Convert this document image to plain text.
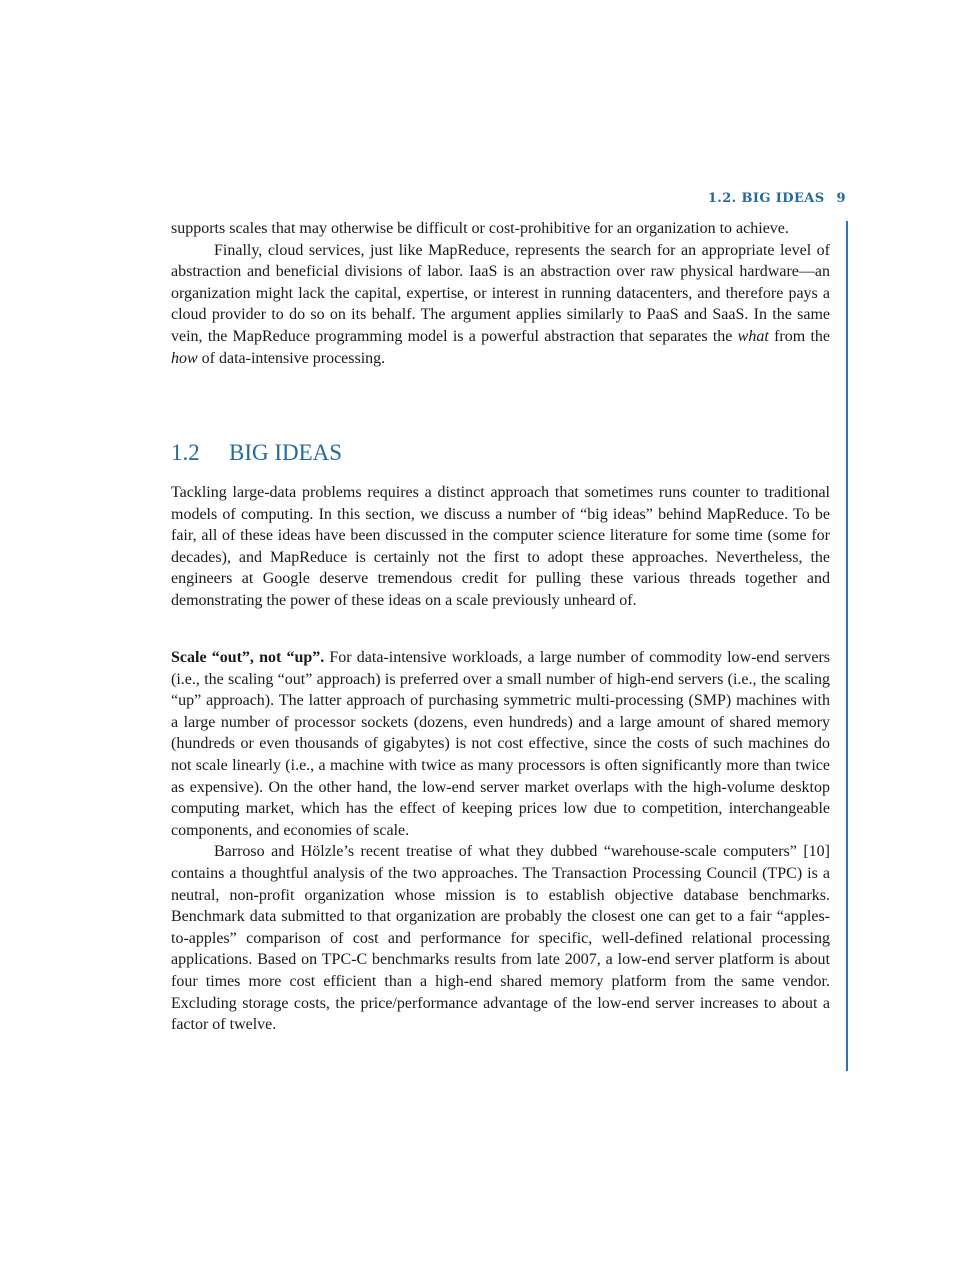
1.2. BIG IDEAS 9

supports scales that may otherwise be difficult or cost-prohibitive for an organization to achieve.

Finally, cloud services, just like MapReduce, represents the search for an appropriate level of abstraction and beneficial divisions of labor. IaaS is an abstraction over raw physical hardware—an organization might lack the capital, expertise, or interest in running datacenters, and therefore pays a cloud provider to do so on its behalf. The argument applies similarly to PaaS and SaaS. In the same vein, the MapReduce programming model is a powerful abstraction that separates the what from the how of data-intensive processing.

1.2 BIG IDEAS

Tackling large-data problems requires a distinct approach that sometimes runs counter to traditional models of computing. In this section, we discuss a number of “big ideas” behind MapReduce. To be fair, all of these ideas have been discussed in the computer science literature for some time (some for decades), and MapReduce is certainly not the first to adopt these approaches. Nevertheless, the engineers at Google deserve tremendous credit for pulling these various threads together and demonstrating the power of these ideas on a scale previously unheard of.

Scale “out”, not “up”. For data-intensive workloads, a large number of commodity low-end servers (i.e., the scaling “out” approach) is preferred over a small number of high-end servers (i.e., the scaling “up” approach). The latter approach of purchasing symmetric multi-processing (SMP) machines with a large number of processor sockets (dozens, even hundreds) and a large amount of shared memory (hundreds or even thousands of gigabytes) is not cost effective, since the costs of such machines do not scale linearly (i.e., a machine with twice as many processors is often significantly more than twice as expensive). On the other hand, the low-end server market overlaps with the high-volume desktop computing market, which has the effect of keeping prices low due to competition, interchangeable components, and economies of scale.

Barroso and Hölzle’s recent treatise of what they dubbed “warehouse-scale computers” [10] contains a thoughtful analysis of the two approaches. The Transaction Processing Council (TPC) is a neutral, non-profit organization whose mission is to establish objective database benchmarks. Benchmark data submitted to that organization are probably the closest one can get to a fair “apples-to-apples” comparison of cost and performance for specific, well-defined relational processing applications. Based on TPC-C benchmarks results from late 2007, a low-end server platform is about four times more cost efficient than a high-end shared memory platform from the same vendor. Excluding storage costs, the price/performance advantage of the low-end server increases to about a factor of twelve.
